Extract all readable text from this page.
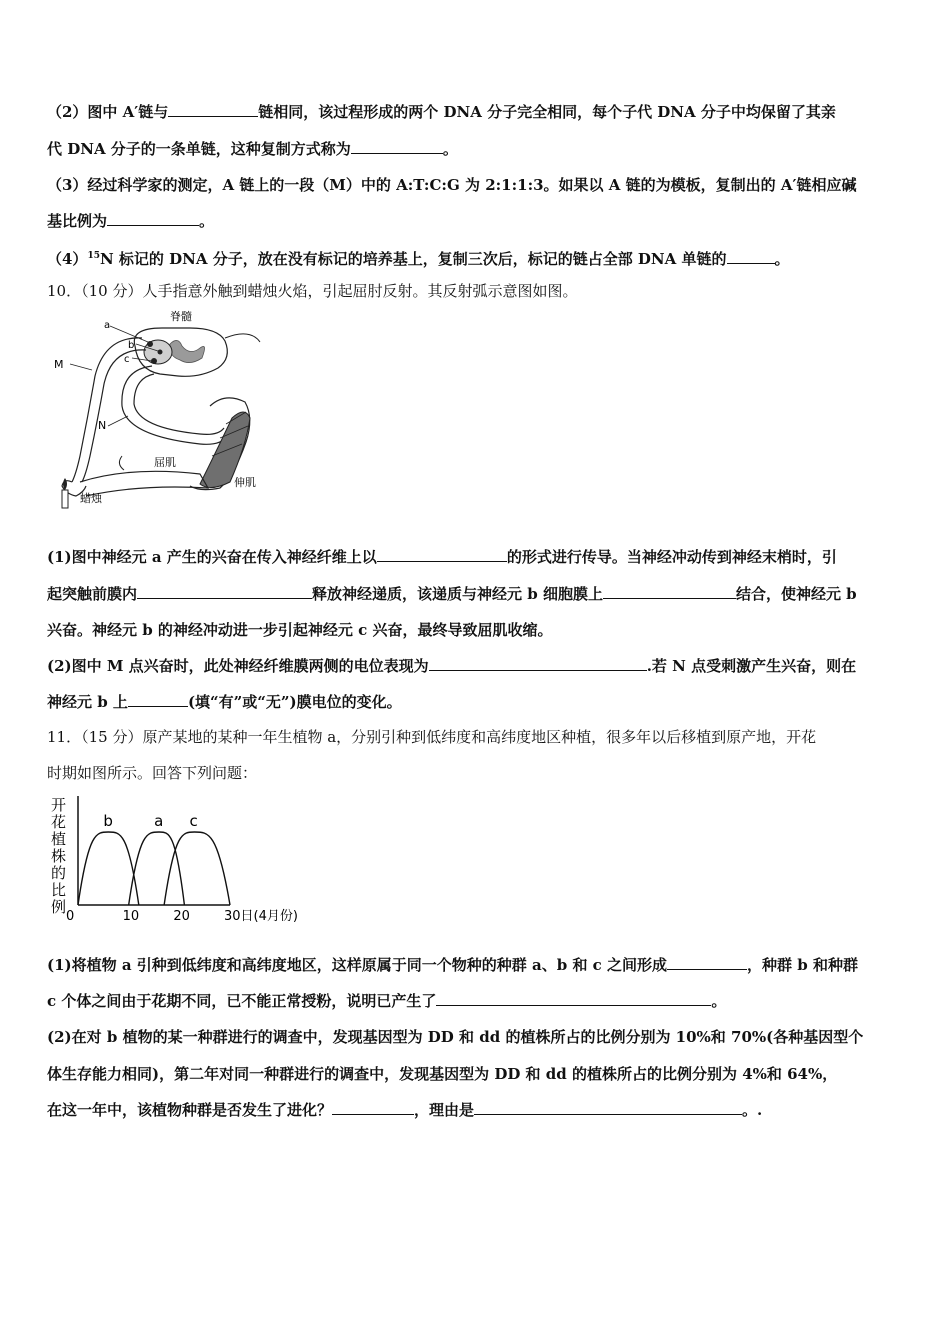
（2）图中 A′链与	链相同，该过程形成的两个 DNA 分子完全相同，每个子代 DNA 分子中均保留了其亲
代 DNA 分子的一条单链，这种复制方式称为	。
（3）经过科学家的测定，A 链上的一段（M）中的 A:T:C:G 为 2:1:1:3。如果以 A 链的为模板，复制出的 A′链相应碱
基比例为	。
$(4)^{15}N$ 标记的 DNA 分子，放在没有标记的培养基上，复制三次后，标记的链占全部 DNA 单链的	。
10．（10 分）人手指意外触到蜡烛火焰，引起屈肘反射。其反射弧示意图如图。
脊髓
a
b
c
M
N
屈肌
伸肌
蜡烛
(1)图中神经元 a 产生的兴奋在传入神经纤维上以	的形式进行传导。当神经冲动传到神经末梢时，引
起突触前膜内	释放神经递质，该递质与神经元 b 细胞膜上	结合，使神经元 b
兴奋。神经元 b 的神经冲动进一步引起神经元 c 兴奋，最终导致屈肌收缩。
(2)图中 M 点兴奋时，此处神经纤维膜两侧的电位表现为	.若 N 点受刺激产生兴奋，则在
神经元 b 上	(填“有”或“无”)膜电位的变化。
11．（15 分）原产某地的某种一年生植物 a，分别引种到低纬度和高纬度地区种植，很多年以后移植到原产地，开花
时期如图所示。回答下列问题：
开
花
植
株
的
比
例
0	10	20	30日(4月份)
b	a c
(1)将植物 a 引种到低纬度和高纬度地区，这样原属于同一个物种的种群 a、b 和 c 之间形成	，种群 b 和种群
c 个体之间由于花期不同，已不能正常授粉，说明已产生了	。
(2)在对 b 植物的某一种群进行的调查中，发现基因型为 DD 和 dd 的植株所占的比例分别为 10%和 70%(各种基因型个
体生存能力相同)，第二年对同一种群进行的调查中，发现基因型为 DD 和 dd 的植株所占的比例分别为 4%和 64%，
在这一年中，该植物种群是否发生了进化？	，理由是	。.
